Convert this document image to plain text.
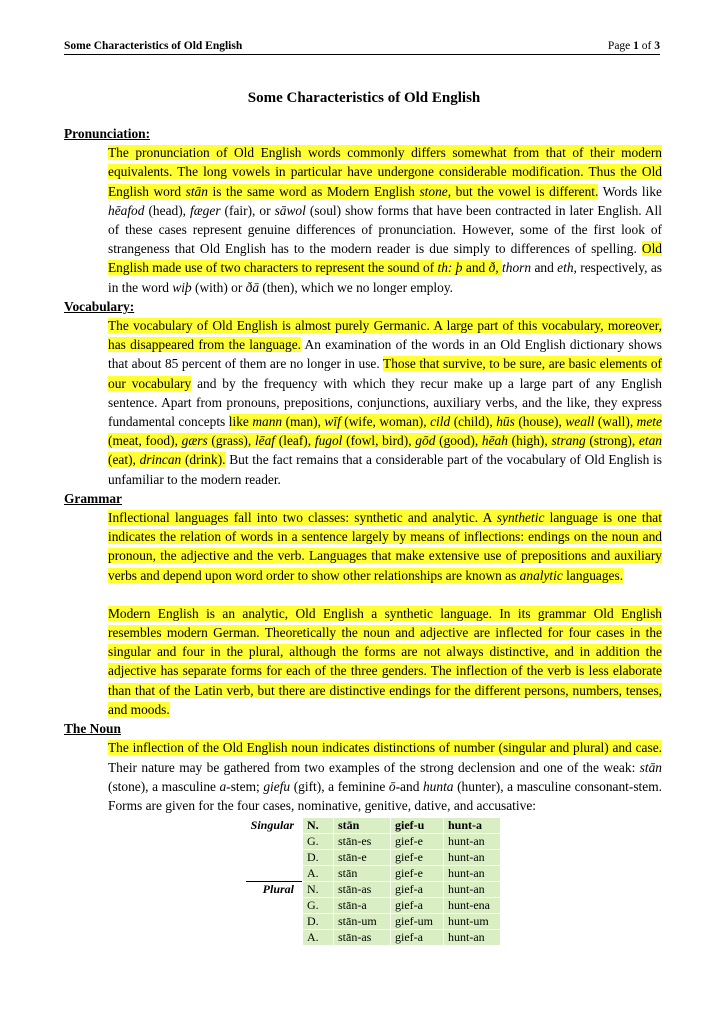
Some Characteristics of Old English	Page 1 of 3
Some Characteristics of Old English
Pronunciation:
The pronunciation of Old English words commonly differs somewhat from that of their modern equivalents. The long vowels in particular have undergone considerable modification. Thus the Old English word stān is the same word as Modern English stone, but the vowel is different. Words like hēafod (head), fæger (fair), or sāwol (soul) show forms that have been contracted in later English. All of these cases represent genuine differences of pronunciation. However, some of the first look of strangeness that Old English has to the modern reader is due simply to differences of spelling. Old English made use of two characters to represent the sound of th: þ and ð, thorn and eth, respectively, as in the word wiþ (with) or ðā (then), which we no longer employ.
Vocabulary:
The vocabulary of Old English is almost purely Germanic. A large part of this vocabulary, moreover, has disappeared from the language. An examination of the words in an Old English dictionary shows that about 85 percent of them are no longer in use. Those that survive, to be sure, are basic elements of our vocabulary and by the frequency with which they recur make up a large part of any English sentence. Apart from pronouns, prepositions, conjunctions, auxiliary verbs, and the like, they express fundamental concepts like mann (man), wīf (wife, woman), cild (child), hūs (house), weall (wall), mete (meat, food), gærs (grass), lēaf (leaf), fugol (fowl, bird), gōd (good), hēah (high), strang (strong), etan (eat), drincan (drink). But the fact remains that a considerable part of the vocabulary of Old English is unfamiliar to the modern reader.
Grammar
Inflectional languages fall into two classes: synthetic and analytic. A synthetic language is one that indicates the relation of words in a sentence largely by means of inflections: endings on the noun and pronoun, the adjective and the verb. Languages that make extensive use of prepositions and auxiliary verbs and depend upon word order to show other relationships are known as analytic languages.
Modern English is an analytic, Old English a synthetic language. In its grammar Old English resembles modern German. Theoretically the noun and adjective are inflected for four cases in the singular and four in the plural, although the forms are not always distinctive, and in addition the adjective has separate forms for each of the three genders. The inflection of the verb is less elaborate than that of the Latin verb, but there are distinctive endings for the different persons, numbers, tenses, and moods.
The Noun
The inflection of the Old English noun indicates distinctions of number (singular and plural) and case. Their nature may be gathered from two examples of the strong declension and one of the weak: stān (stone), a masculine a-stem; giefu (gift), a feminine ō-and hunta (hunter), a masculine consonant-stem. Forms are given for the four cases, nominative, genitive, dative, and accusative:
Singular	N.	stān	gief-u	hunt-a
	G.	stān-es	gief-e	hunt-an
	D.	stān-e	gief-e	hunt-an
	A.	stān	gief-e	hunt-an
Plural	N.	stān-as	gief-a	hunt-an
	G.	stān-a	gief-a	hunt-ena
	D.	stān-um	gief-um	hunt-um
	A.	stān-as	gief-a	hunt-an
